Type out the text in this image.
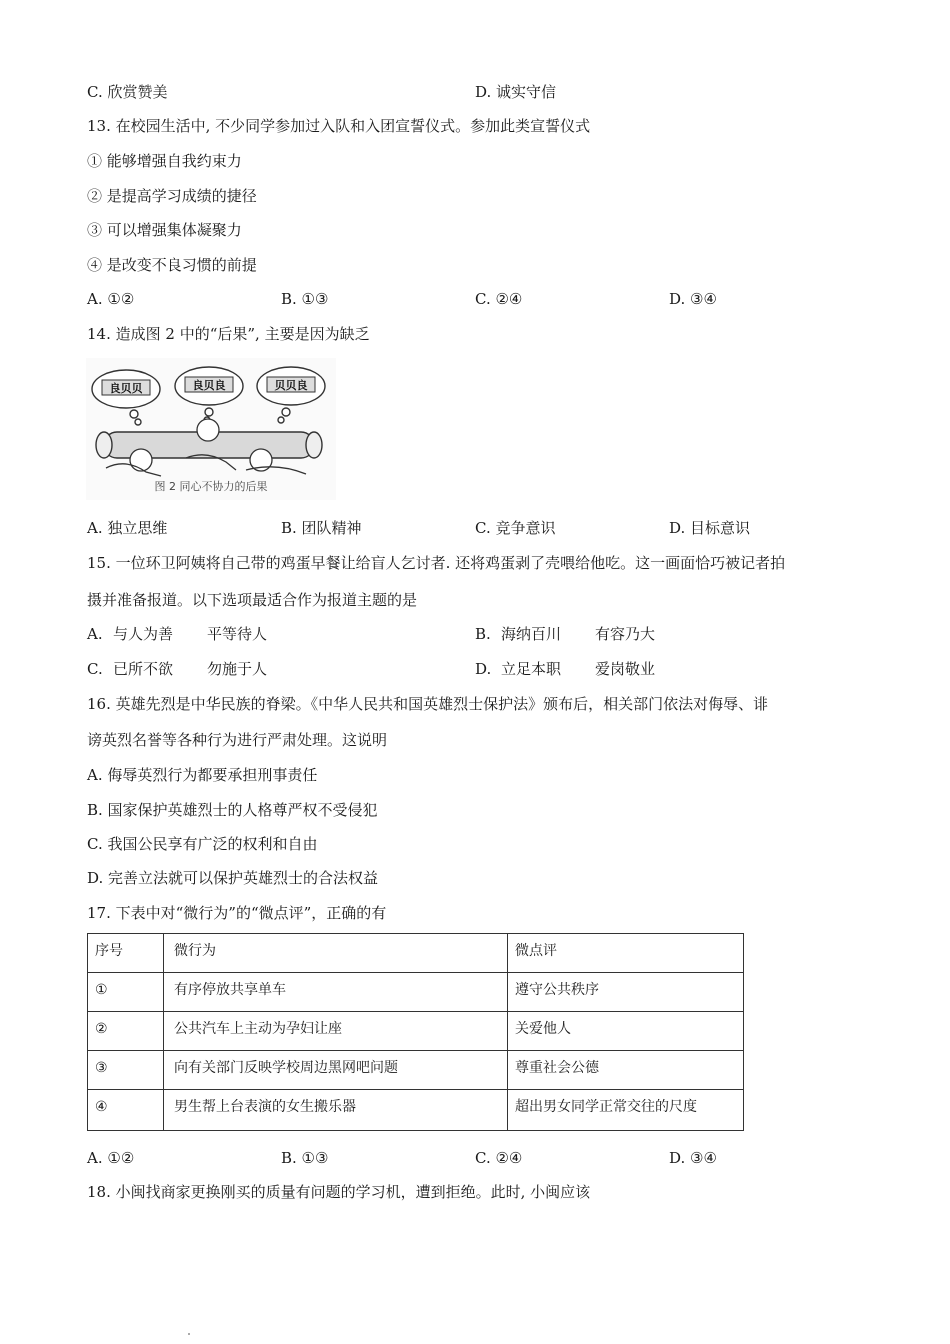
C. 欣赏赞美	D. 诚实守信
13. 在校园生活中, 不少同学参加过入队和入团宣誓仪式。参加此类宣誓仪式
① 能够增强自我约束力
② 是提高学习成绩的捷径
③ 可以增强集体凝聚力
④ 是改变不良习惯的前提
A. ①②	B. ①③	C. ②④	D. ③④
14. 造成图 2 中的“后果”, 主要是因为缺乏
良贝贝	良贝良	贝贝良
图 2 同心不协力的后果
A. 独立思维	B. 团队精神	C. 竞争意识	D. 目标意识
15. 一位环卫阿姨将自己带的鸡蛋早餐让给盲人乞讨者. 还将鸡蛋剥了壳喂给他吃。这一画面恰巧被记者拍
摄并准备报道。以下选项最适合作为报道主题的是
A. 与人为善 平等待人	B. 海纳百川 有容乃大
C. 已所不欲 勿施于人	D. 立足本职 爱岗敬业
16. 英雄先烈是中华民族的脊梁。《中华人民共和国英雄烈士保护法》颁布后，相关部门依法对侮辱、诽
谤英烈名誉等各种行为进行严肃处理。这说明
A. 侮辱英烈行为都要承担刑事责任
B. 国家保护英雄烈士的人格尊严权不受侵犯
C. 我国公民享有广泛的权利和自由
D. 完善立法就可以保护英雄烈士的合法权益
17. 下表中对“微行为”的“微点评”，正确的有
序号	微行为	微点评
①	有序停放共享单车	遵守公共秩序
②	公共汽车上主动为孕妇让座	关爱他人
③	向有关部门反映学校周边黑网吧问题	尊重社会公德
④	男生帮上台表演的女生搬乐器	超出男女同学正常交往的尺度
A. ①②	B. ①③	C. ②④	D. ③④
18. 小闽找商家更换刚买的质量有问题的学习机，遭到拒绝。此时, 小闽应该
